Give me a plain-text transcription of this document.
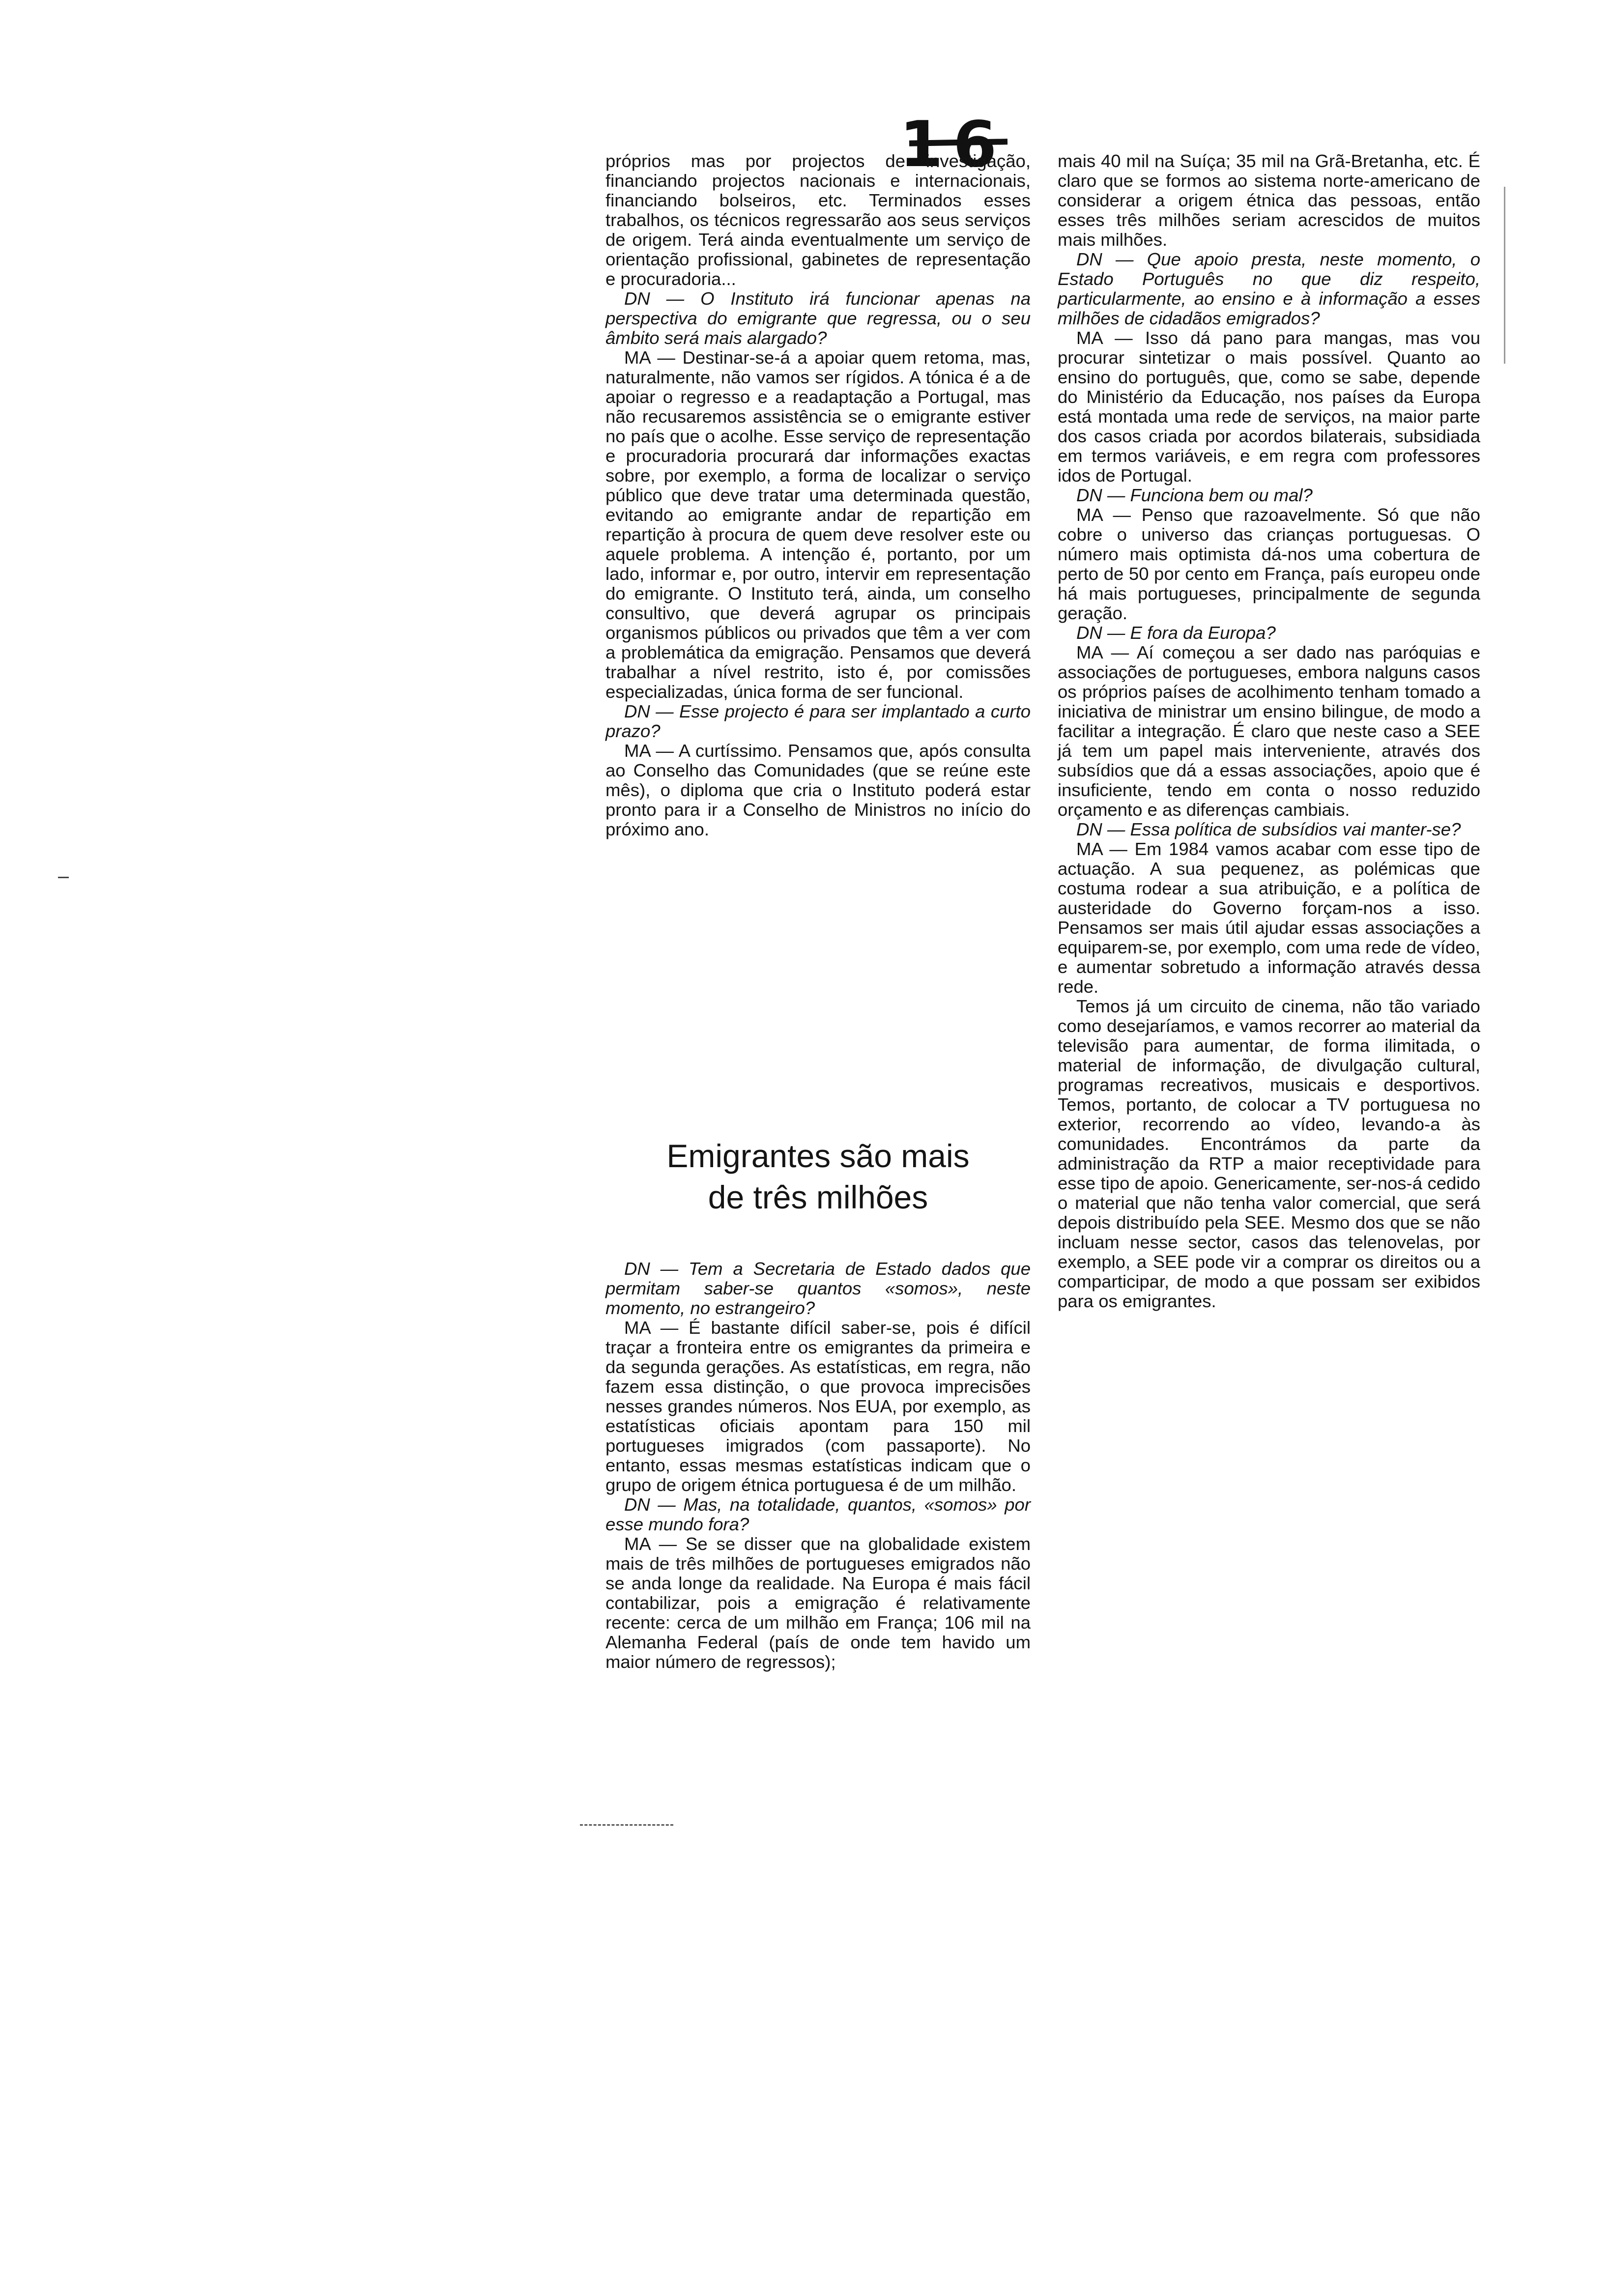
16

próprios mas por projectos de investigação, financiando projectos nacionais e internacionais, financiando bolseiros, etc. Terminados esses trabalhos, os técnicos regressarão aos seus serviços de origem. Terá ainda eventualmente um serviço de orientação profissional, gabinetes de representação e procuradoria...

DN — O Instituto irá funcionar apenas na perspectiva do emigrante que regressa, ou o seu âmbito será mais alargado?

MA — Destinar-se-á a apoiar quem retoma, mas, naturalmente, não vamos ser rígidos. A tónica é a de apoiar o regresso e a readaptação a Portugal, mas não recusaremos assistência se o emigrante estiver no país que o acolhe. Esse serviço de representação e procuradoria procurará dar informações exactas sobre, por exemplo, a forma de localizar o serviço público que deve tratar uma determinada questão, evitando ao emigrante andar de repartição em repartição à procura de quem deve resolver este ou aquele problema. A intenção é, portanto, por um lado, informar e, por outro, intervir em representação do emigrante. O Instituto terá, ainda, um conselho consultivo, que deverá agrupar os principais organismos públicos ou privados que têm a ver com a problemática da emigração. Pensamos que deverá trabalhar a nível restrito, isto é, por comissões especializadas, única forma de ser funcional.

DN — Esse projecto é para ser implantado a curto prazo?

MA — A curtíssimo. Pensamos que, após consulta ao Conselho das Comunidades (que se reúne este mês), o diploma que cria o Instituto poderá estar pronto para ir a Conselho de Ministros no início do próximo ano.

Emigrantes são mais
de três milhões

DN — Tem a Secretaria de Estado dados que permitam saber-se quantos «somos», neste momento, no estrangeiro?

MA — É bastante difícil saber-se, pois é difícil traçar a fronteira entre os emigrantes da primeira e da segunda gerações. As estatísticas, em regra, não fazem essa distinção, o que provoca imprecisões nesses grandes números. Nos EUA, por exemplo, as estatísticas oficiais apontam para 150 mil portugueses imigrados (com passaporte). No entanto, essas mesmas estatísticas indicam que o grupo de origem étnica portuguesa é de um milhão.

DN — Mas, na totalidade, quantos, «somos» por esse mundo fora?

MA — Se se disser que na globalidade existem mais de três milhões de portugueses emigrados não se anda longe da realidade. Na Europa é mais fácil contabilizar, pois a emigração é relativamente recente: cerca de um milhão em França; 106 mil na Alemanha Federal (país de onde tem havido um maior número de regressos);

mais 40 mil na Suíça; 35 mil na Grã-Bretanha, etc. É claro que se formos ao sistema norte-americano de considerar a origem étnica das pessoas, então esses três milhões seriam acrescidos de muitos mais milhões.

DN — Que apoio presta, neste momento, o Estado Português no que diz respeito, particularmente, ao ensino e à informação a esses milhões de cidadãos emigrados?

MA — Isso dá pano para mangas, mas vou procurar sintetizar o mais possível. Quanto ao ensino do português, que, como se sabe, depende do Ministério da Educação, nos países da Europa está montada uma rede de serviços, na maior parte dos casos criada por acordos bilaterais, subsidiada em termos variáveis, e em regra com professores idos de Portugal.

DN — Funciona bem ou mal?

MA — Penso que razoavelmente. Só que não cobre o universo das crianças portuguesas. O número mais optimista dá-nos uma cobertura de perto de 50 por cento em França, país europeu onde há mais portugueses, principalmente de segunda geração.

DN — E fora da Europa?

MA — Aí começou a ser dado nas paróquias e associações de portugueses, embora nalguns casos os próprios países de acolhimento tenham tomado a iniciativa de ministrar um ensino bilingue, de modo a facilitar a integração. É claro que neste caso a SEE já tem um papel mais interveniente, através dos subsídios que dá a essas associações, apoio que é insuficiente, tendo em conta o nosso reduzido orçamento e as diferenças cambiais.

DN — Essa política de subsídios vai manter-se?

MA — Em 1984 vamos acabar com esse tipo de actuação. A sua pequenez, as polémicas que costuma rodear a sua atribuição, e a política de austeridade do Governo forçam-nos a isso. Pensamos ser mais útil ajudar essas associações a equiparem-se, por exemplo, com uma rede de vídeo, e aumentar sobretudo a informação através dessa rede.

Temos já um circuito de cinema, não tão variado como desejaríamos, e vamos recorrer ao material da televisão para aumentar, de forma ilimitada, o material de informação, de divulgação cultural, programas recreativos, musicais e desportivos. Temos, portanto, de colocar a TV portuguesa no exterior, recorrendo ao vídeo, levando-a às comunidades. Encontrámos da parte da administração da RTP a maior receptividade para esse tipo de apoio. Genericamente, ser-nos-á cedido o material que não tenha valor comercial, que será depois distribuído pela SEE. Mesmo dos que se não incluam nesse sector, casos das telenovelas, por exemplo, a SEE pode vir a comprar os direitos ou a comparticipar, de modo a que possam ser exibidos para os emigrantes.
